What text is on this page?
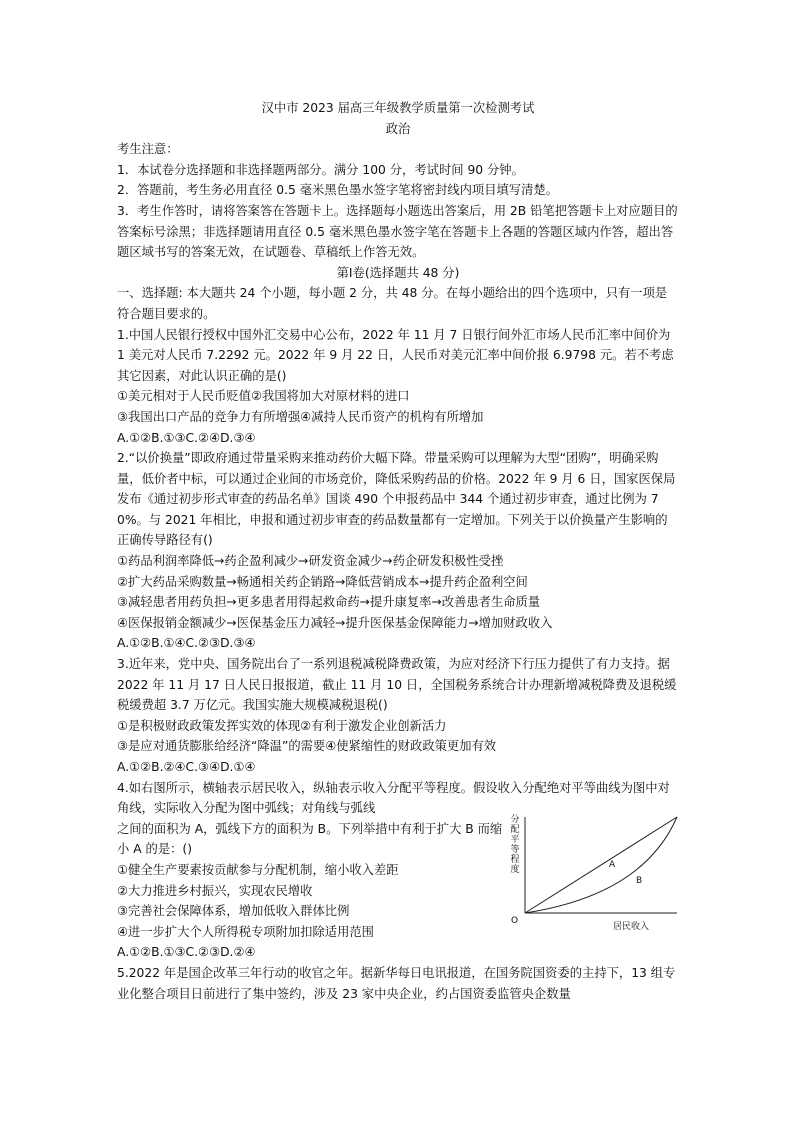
汉中市 2023 届高三年级教学质量第一次检测考试

政治

考生注意：

1．本试卷分选择题和非选择题两部分。满分 100 分，考试时间 90 分钟。

2．答题前，考生务必用直径 0.5 毫米黑色墨水签字笔将密封线内项目填写清楚。

3．考生作答时，请将答案答在答题卡上。选择题每小题选出答案后，用 2B 铅笔把答题卡上对应题目的答案标号涂黑；非选择题请用直径 0.5 毫米黑色墨水签字笔在答题卡上各题的答题区域内作答，超出答题区域书写的答案无效，在试题卷、草稿纸上作答无效。

第Ⅰ卷(选择题共 48 分)

一、选择题: 本大题共 24 个小题，每小题 2 分，共 48 分。在每小题给出的四个选项中，只有一项是符合题目要求的。

1.中国人民银行授权中国外汇交易中心公布，2022 年 11 月 7 日银行间外汇市场人民币汇率中间价为 1 美元对人民币 7.2292 元。2022 年 9 月 22 日，人民币对美元汇率中间价报 6.9798 元。若不考虑其它因素，对此认识正确的是()

①美元相对于人民币贬值②我国将加大对原材料的进口

③我国出口产品的竞争力有所增强④减持人民币资产的机构有所增加

A.①②B.①③C.②④D.③④

2.“以价换量”即政府通过带量采购来推动药价大幅下降。带量采购可以理解为大型“团购”，明确采购量，低价者中标，可以通过企业间的市场竞价，降低采购药品的价格。2022 年 9 月 6 日，国家医保局发布《通过初步形式审查的药品名单》国谈 490 个申报药品中 344 个通过初步审查，通过比例为 70%。与 2021 年相比，申报和通过初步审查的药品数量都有一定增加。下列关于以价换量产生影响的正确传导路径有()

①药品利润率降低→药企盈利减少→研发资金减少→药企研发积极性受挫

②扩大药品采购数量→畅通相关药企销路→降低营销成本→提升药企盈利空间

③减轻患者用药负担→更多患者用得起救命药→提升康复率→改善患者生命质量

④医保报销金额减少→医保基金压力减轻→提升医保基金保障能力→增加财政收入

A.①②B.①④C.②③D.③④

3.近年来，党中央、国务院出台了一系列退税减税降费政策，为应对经济下行压力提供了有力支持。据 2022 年 11 月 17 日人民日报报道，截止 11 月 10 日，全国税务系统合计办理新增减税降费及退税缓税缓费超 3.7 万亿元。我国实施大规模减税退税()

①是积极财政政策发挥实效的体现②有利于激发企业创新活力

③是应对通货膨胀给经济“降温”的需要④使紧缩性的财政政策更加有效

A.①②B.②④C.③④D.①④

4.如右图所示，横轴表示居民收入，纵轴表示收入分配平等程度。假设收入分配绝对平等曲线为图中对角线，实际收入分配为图中弧线；对角线与弧线

之间的面积为 A，弧线下方的面积为 B。下列举措中有利于扩大 B 而缩小 A 的是：()

①健全生产要素按贡献参与分配机制，缩小收入差距

②大力推进乡村振兴，实现农民增收

③完善社会保障体系，增加低收入群体比例

④进一步扩大个人所得税专项附加扣除适用范围

分配平等程度
O
居民收入
A
B

A.①②B.①③C.②③D.②④

5.2022 年是国企改革三年行动的收官之年。据新华每日电讯报道，在国务院国资委的主持下，13 组专业化整合项目日前进行了集中签约，涉及 23 家中央企业，约占国资委监管央企数量
